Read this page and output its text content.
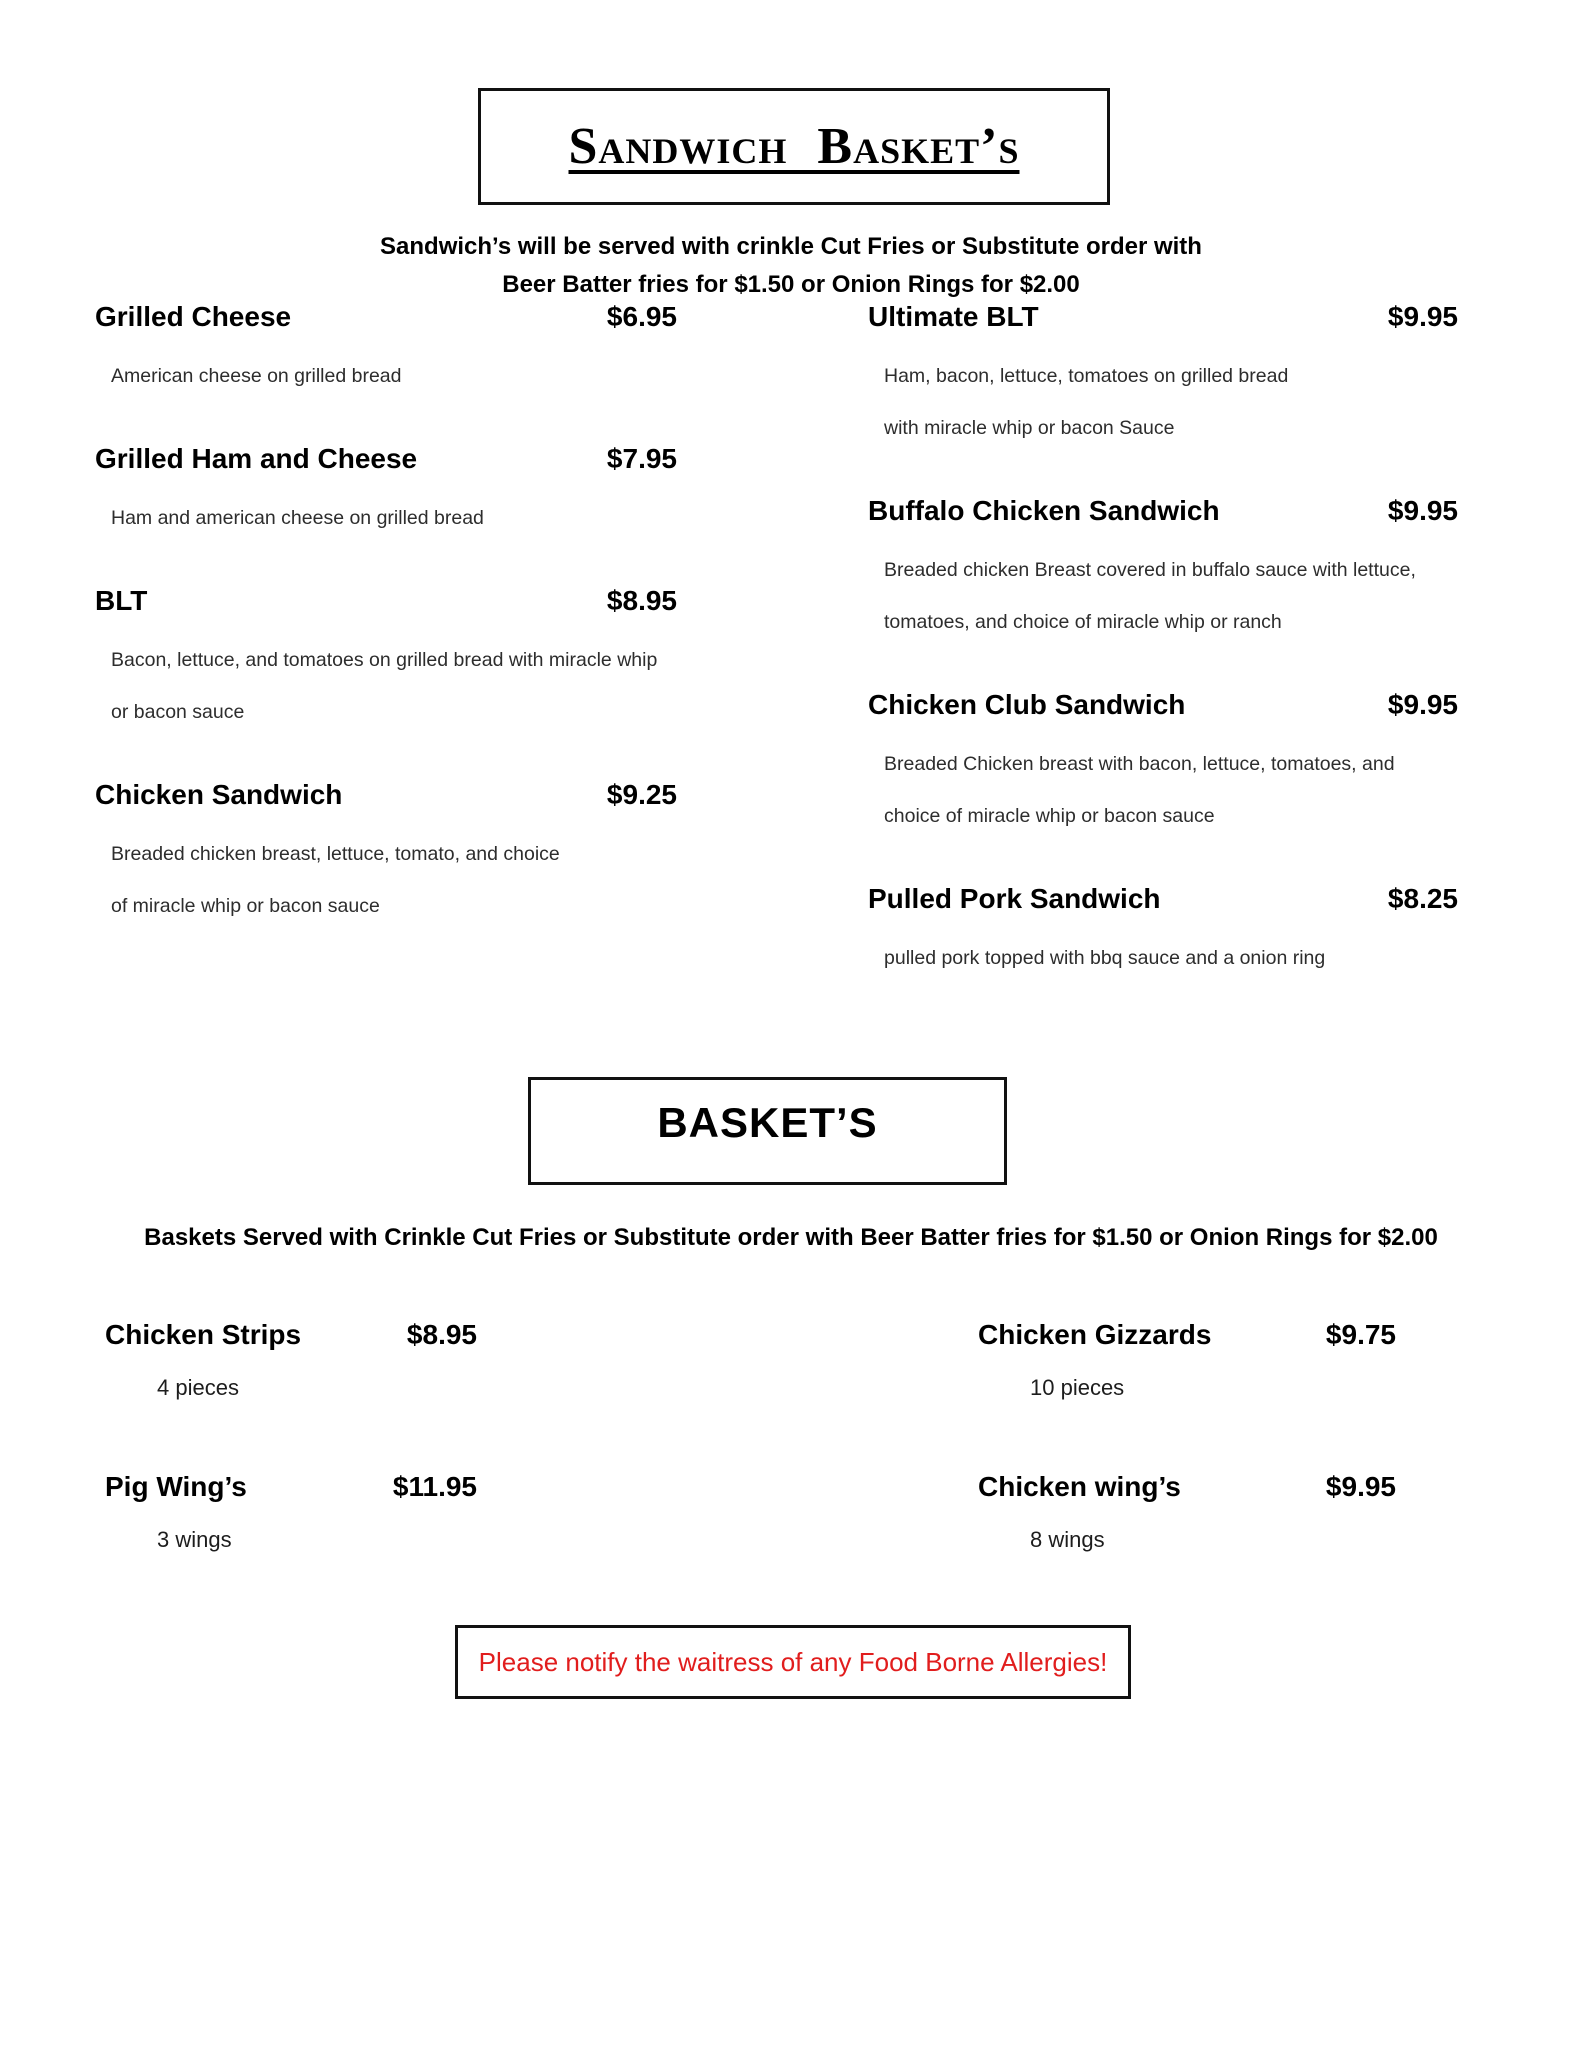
Sandwich Basket’s
Sandwich’s will be served with crinkle Cut Fries or Substitute order with
Beer Batter fries for $1.50 or Onion Rings for $2.00
Grilled Cheese	$6.95
American cheese on grilled bread
Grilled Ham and Cheese	$7.95
Ham and american cheese on grilled bread
BLT	$8.95
Bacon, lettuce, and tomatoes on grilled bread with miracle whip
or bacon sauce
Chicken Sandwich	$9.25
Breaded chicken breast, lettuce, tomato, and choice
of miracle whip or bacon sauce
Ultimate BLT	$9.95
Ham, bacon, lettuce, tomatoes on grilled bread
with miracle whip or bacon Sauce
Buffalo Chicken Sandwich	$9.95
Breaded chicken Breast covered in buffalo sauce with lettuce,
tomatoes, and choice of miracle whip or ranch
Chicken Club Sandwich	$9.95
Breaded Chicken breast with bacon, lettuce, tomatoes, and
choice of miracle whip or bacon sauce
Pulled Pork Sandwich	$8.25
pulled pork topped with bbq sauce and a onion ring
BASKET’S
Baskets Served with Crinkle Cut Fries or Substitute order with Beer Batter fries for $1.50 or Onion Rings for $2.00
Chicken Strips	$8.95
4 pieces
Pig Wing’s	$11.95
3 wings
Chicken Gizzards	$9.75
10 pieces
Chicken wing’s	$9.95
8 wings
Please notify the waitress of any Food Borne Allergies!
